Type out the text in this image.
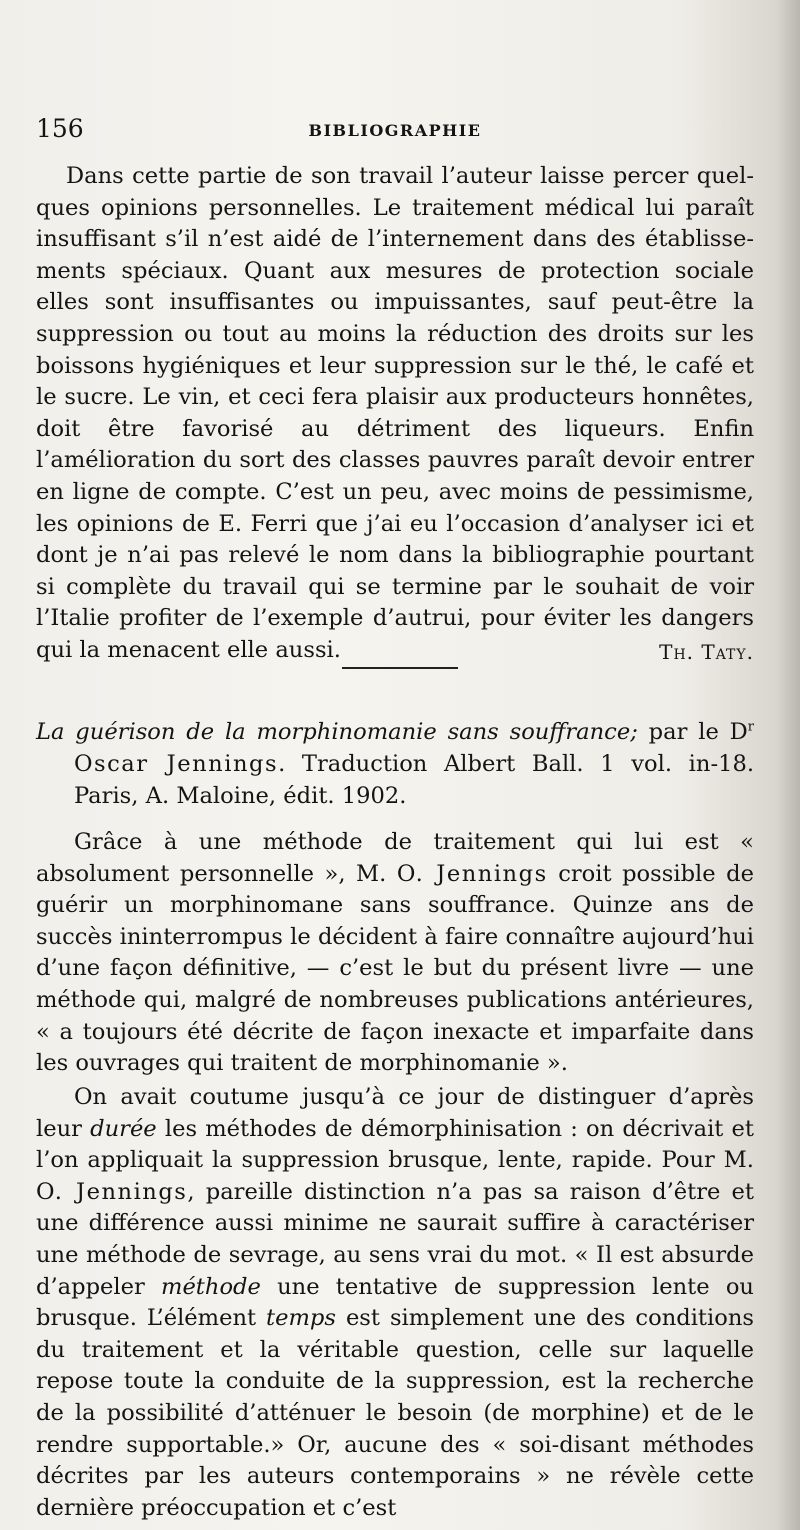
156	BIBLIOGRAPHIE

Dans cette partie de son travail l’auteur laisse percer quelques opinions personnelles. Le traitement médical lui paraît insuffisant s’il n’est aidé de l’internement dans des établissements spéciaux. Quant aux mesures de protection sociale elles sont insuffisantes ou impuissantes, sauf peut-être la suppression ou tout au moins la réduction des droits sur les boissons hygiéniques et leur suppression sur le thé, le café et le sucre. Le vin, et ceci fera plaisir aux producteurs honnêtes, doit être favorisé au détriment des liqueurs. Enfin l’amélioration du sort des classes pauvres paraît devoir entrer en ligne de compte. C’est un peu, avec moins de pessimisme, les opinions de E. Ferri que j’ai eu l’occasion d’analyser ici et dont je n’ai pas relevé le nom dans la bibliographie pourtant si complète du travail qui se termine par le souhait de voir l’Italie profiter de l’exemple d’autrui, pour éviter les dangers qui la menacent elle aussi.	Th. Taty.

La guérison de la morphinomanie sans souffrance; par le $D^r$ Oscar Jennings. Traduction Albert Ball. 1 vol. in-18. Paris, A. Maloine, édit. 1902.

Grâce à une méthode de traitement qui lui est « absolument personnelle », M. O. Jennings croit possible de guérir un morphinomane sans souffrance. Quinze ans de succès ininterrompus le décident à faire connaître aujourd’hui d’une façon définitive, — c’est le but du présent livre — une méthode qui, malgré de nombreuses publications antérieures, « a toujours été décrite de façon inexacte et imparfaite dans les ouvrages qui traitent de morphinomanie ».

On avait coutume jusqu’à ce jour de distinguer d’après leur durée les méthodes de démorphinisation : on décrivait et l’on appliquait la suppression brusque, lente, rapide. Pour M. O. Jennings, pareille distinction n’a pas sa raison d’être et une différence aussi minime ne saurait suffire à caractériser une méthode de sevrage, au sens vrai du mot. « Il est absurde d’appeler méthode une tentative de suppression lente ou brusque. L’élément temps est simplement une des conditions du traitement et la véritable question, celle sur laquelle repose toute la conduite de la suppression, est la recherche de la possibilité d’atténuer le besoin (de morphine) et de le rendre supportable.» Or, aucune des « soi-disant méthodes décrites par les auteurs contemporains » ne révèle cette dernière préoccupation et c’est
